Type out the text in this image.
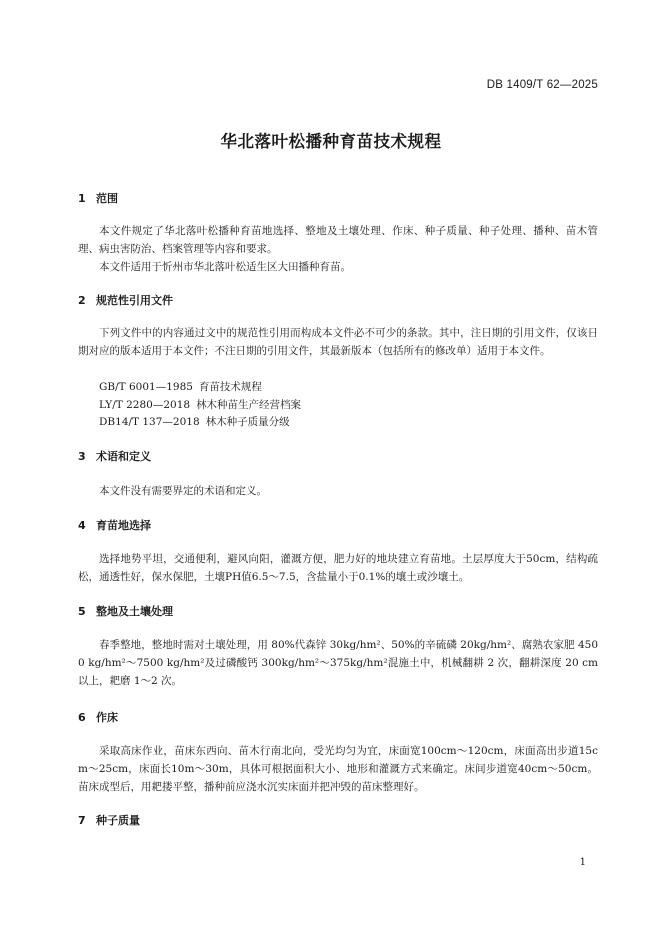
DB 1409/T 62—2025
华北落叶松播种育苗技术规程
1 范围
本文件规定了华北落叶松播种育苗地选择、整地及土壤处理、作床、种子质量、种子处理、播种、苗木管理、病虫害防治、档案管理等内容和要求。
本文件适用于忻州市华北落叶松适生区大田播种育苗。
2 规范性引用文件
下列文件中的内容通过文中的规范性引用而构成本文件必不可少的条款。其中，注日期的引用文件，仅该日期对应的版本适用于本文件；不注日期的引用文件，其最新版本（包括所有的修改单）适用于本文件。
GB/T 6001—1985 育苗技术规程
LY/T 2280—2018 林木种苗生产经营档案
DB14/T 137—2018 林木种子质量分级
3 术语和定义
本文件没有需要界定的术语和定义。
4 育苗地选择
选择地势平坦，交通便利，避风向阳，灌溉方便，肥力好的地块建立育苗地。土层厚度大于50cm，结构疏松，通透性好，保水保肥，土壤PH值6.5～7.5，含盐量小于0.1%的壤土或沙壤土。
5 整地及土壤处理
春季整地，整地时需对土壤处理，用 80%代森锌 30kg/hm²、50%的辛硫磷 20kg/hm²、腐熟农家肥 4500 kg/hm²～7500 kg/hm²及过磷酸钙 300kg/hm²～375kg/hm²混施土中，机械翻耕 2 次，翻耕深度 20 cm 以上，耙磨 1～2 次。
6 作床
采取高床作业，苗床东西向、苗木行南北向，受光均匀为宜，床面宽100cm～120cm，床面高出步道15cm～25cm，床面长10m～30m，具体可根据面积大小、地形和灌溉方式来确定。床间步道宽40cm～50cm。苗床成型后，用耙搂平整，播种前应浇水沉实床面并把冲毁的苗床整理好。
7 种子质量
1
